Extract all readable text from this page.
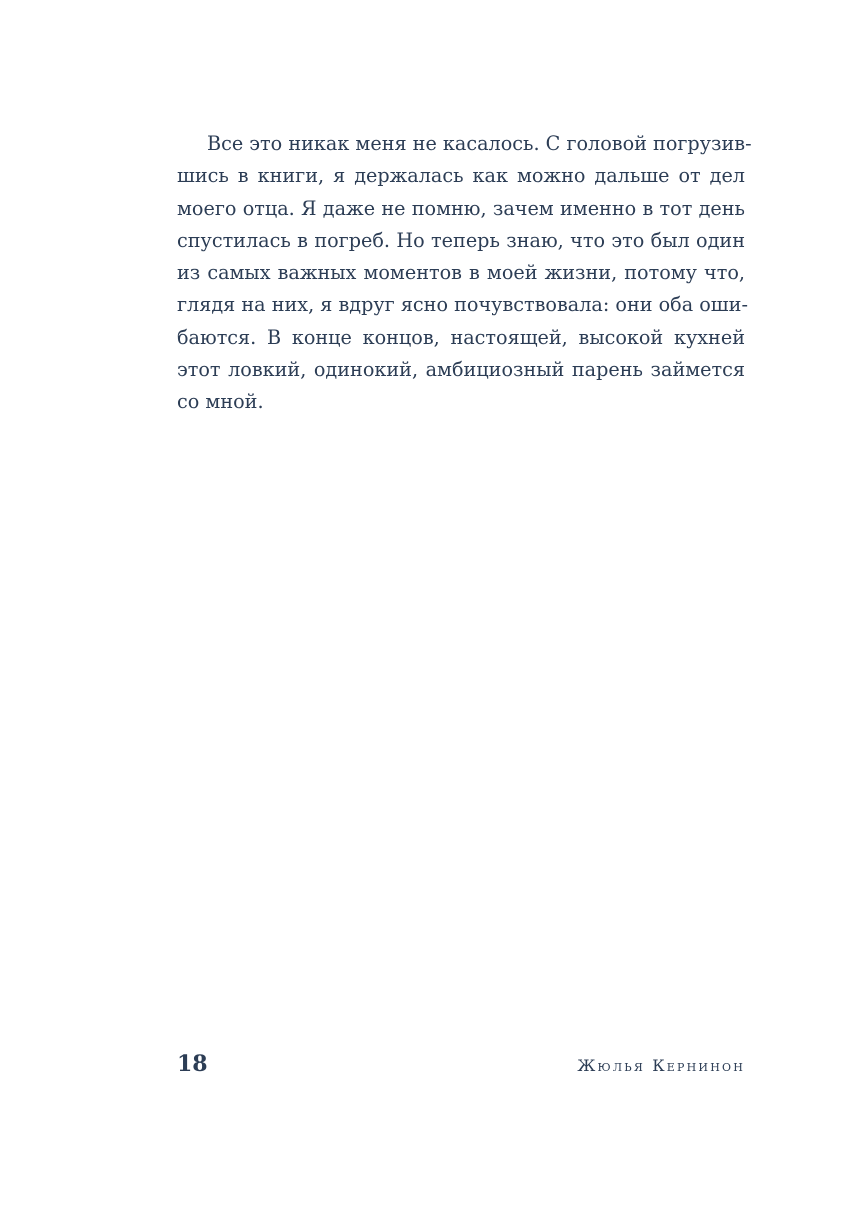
Все это никак меня не касалось. С головой погрузив-
шись в книги, я держалась как можно дальше от дел
моего отца. Я даже не помню, зачем именно в тот день
спустилась в погреб. Но теперь знаю, что это был один
из самых важных моментов в моей жизни, потому что,
глядя на них, я вдруг ясно почувствовала: они оба оши-
баются. В конце концов, настоящей, высокой кухней
этот ловкий, одинокий, амбициозный парень займется
со мной.
18	Жюлья Кернинон
